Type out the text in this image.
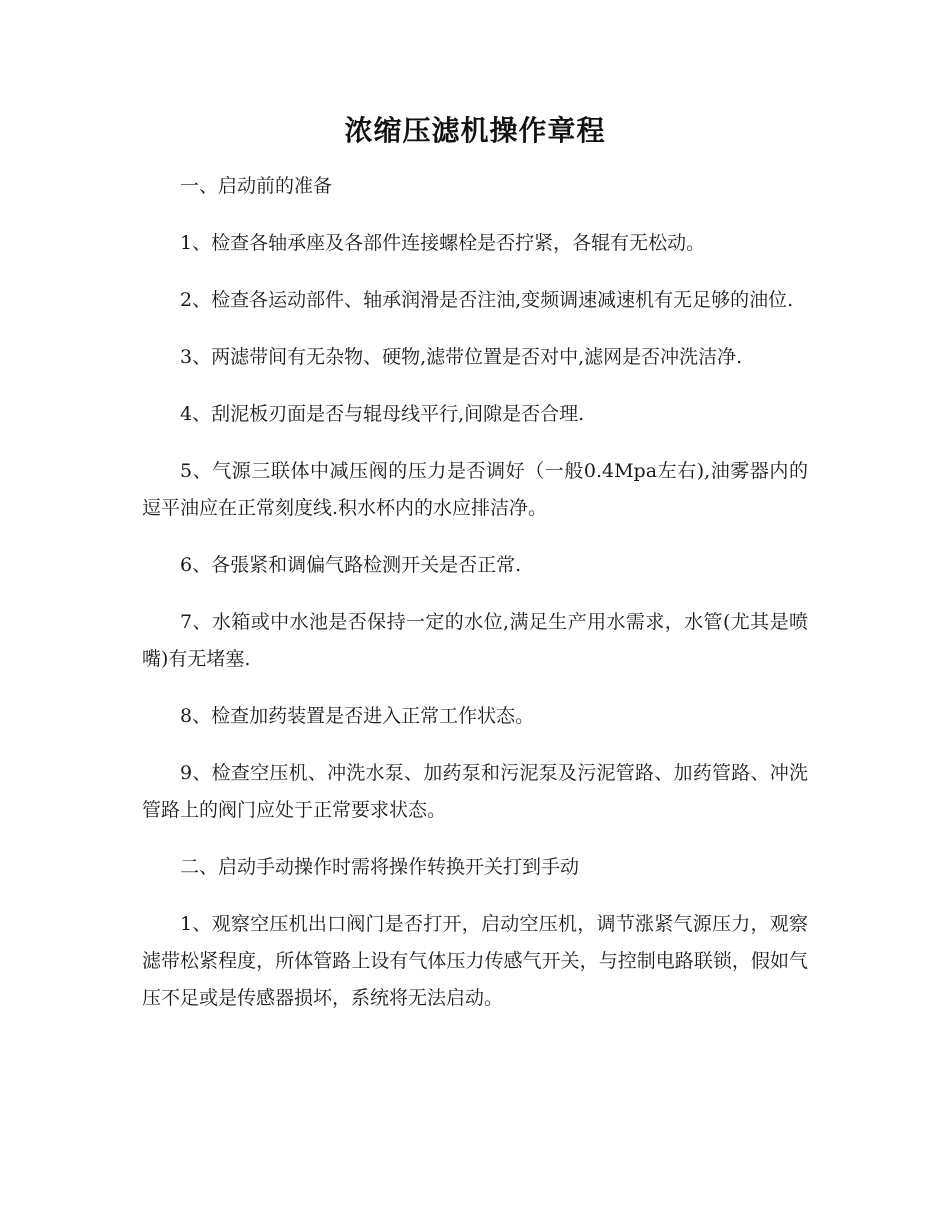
浓缩压滤机操作章程

一、启动前的准备

1、检查各轴承座及各部件连接螺栓是否拧紧，各辊有无松动。

2、检查各运动部件、轴承润滑是否注油,变频调速减速机有无足够的油位.

3、两滤带间有无杂物、硬物,滤带位置是否对中,滤网是否冲洗洁净.

4、刮泥板刃面是否与辊母线平行,间隙是否合理.

5、气源三联体中减压阀的压力是否调好（一般0.4Mpa左右),油雾器内的逗平油应在正常刻度线.积水杯内的水应排洁净。

6、各張紧和调偏气路检测开关是否正常.

7、水箱或中水池是否保持一定的水位,满足生产用水需求，水管(尤其是喷嘴)有无堵塞.

8、检查加药装置是否进入正常工作状态。

9、检查空压机、冲洗水泵、加药泵和污泥泵及污泥管路、加药管路、冲洗管路上的阀门应处于正常要求状态。

二、启动手动操作时需将操作转换开关打到手动

1、观察空压机出口阀门是否打开，启动空压机，调节涨紧气源压力，观察滤带松紧程度，所体管路上设有气体压力传感气开关，与控制电路联锁，假如气压不足或是传感器损坏，系统将无法启动。
